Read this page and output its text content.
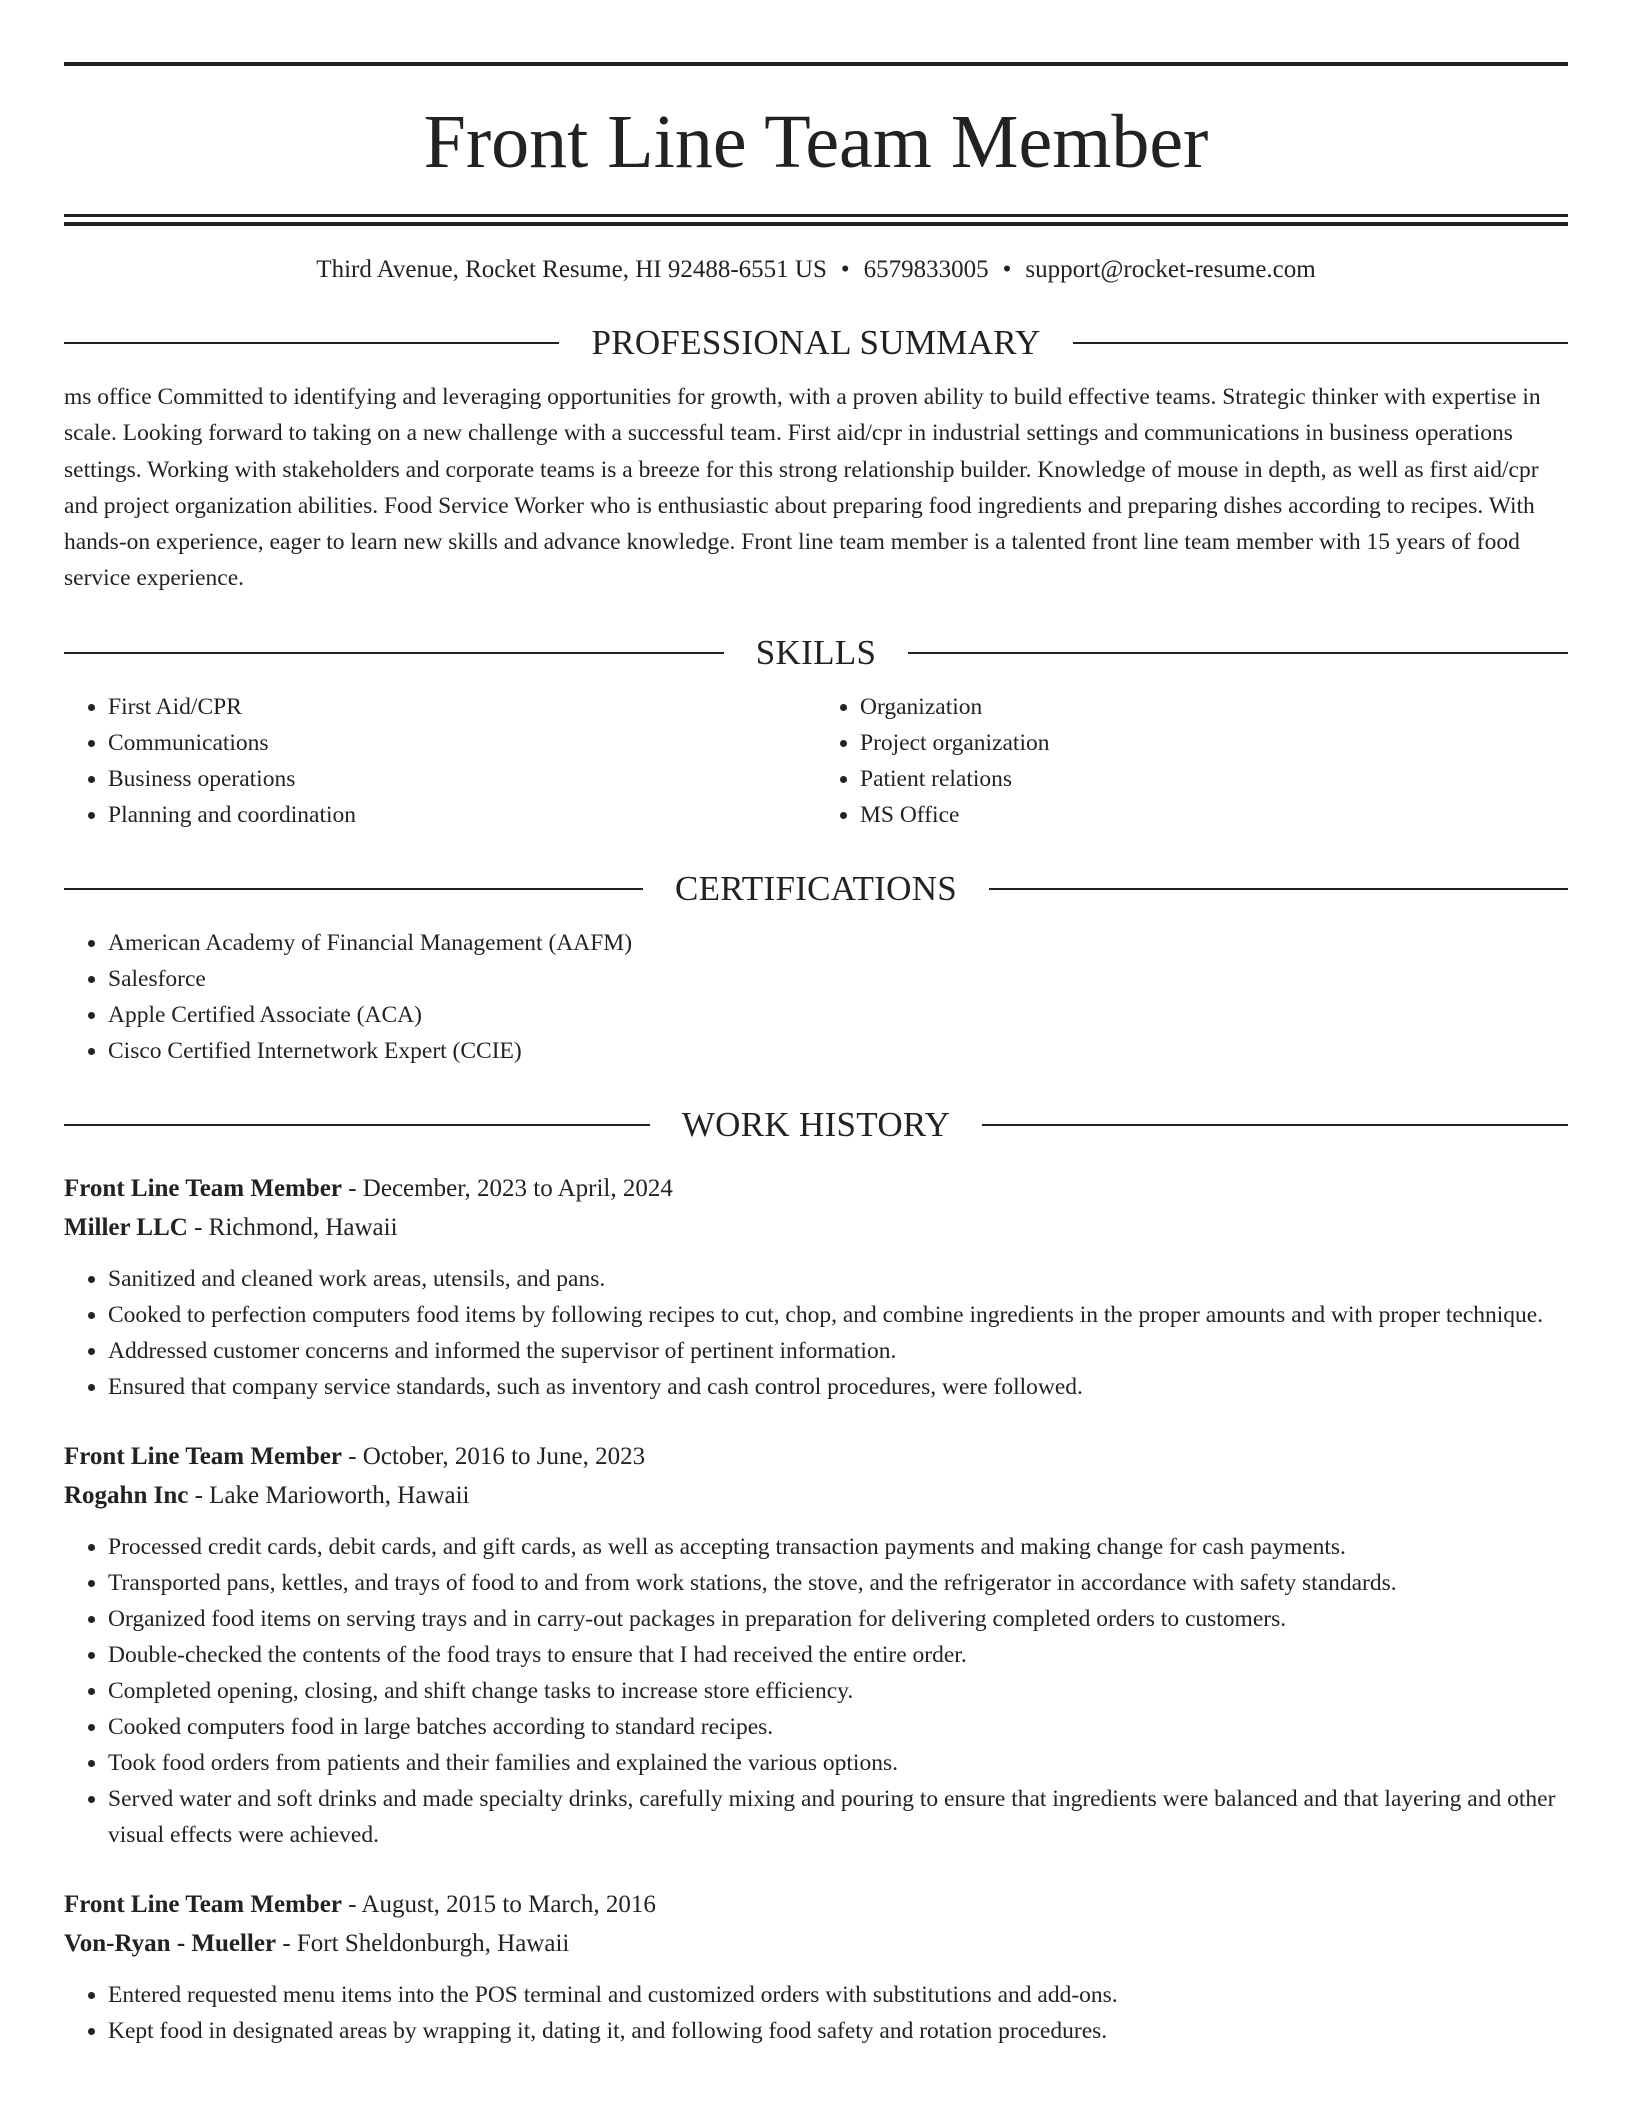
Front Line Team Member
Third Avenue, Rocket Resume, HI 92488-6551 US • 6579833005 • support@rocket-resume.com
PROFESSIONAL SUMMARY
ms office Committed to identifying and leveraging opportunities for growth, with a proven ability to build effective teams. Strategic thinker with expertise in scale. Looking forward to taking on a new challenge with a successful team. First aid/cpr in industrial settings and communications in business operations settings. Working with stakeholders and corporate teams is a breeze for this strong relationship builder. Knowledge of mouse in depth, as well as first aid/cpr and project organization abilities. Food Service Worker who is enthusiastic about preparing food ingredients and preparing dishes according to recipes. With hands-on experience, eager to learn new skills and advance knowledge. Front line team member is a talented front line team member with 15 years of food service experience.
SKILLS
• First Aid/CPR
• Communications
• Business operations
• Planning and coordination
• Organization
• Project organization
• Patient relations
• MS Office
CERTIFICATIONS
• American Academy of Financial Management (AAFM)
• Salesforce
• Apple Certified Associate (ACA)
• Cisco Certified Internetwork Expert (CCIE)
WORK HISTORY
Front Line Team Member - December, 2023 to April, 2024
Miller LLC - Richmond, Hawaii
• Sanitized and cleaned work areas, utensils, and pans.
• Cooked to perfection computers food items by following recipes to cut, chop, and combine ingredients in the proper amounts and with proper technique.
• Addressed customer concerns and informed the supervisor of pertinent information.
• Ensured that company service standards, such as inventory and cash control procedures, were followed.
Front Line Team Member - October, 2016 to June, 2023
Rogahn Inc - Lake Marioworth, Hawaii
• Processed credit cards, debit cards, and gift cards, as well as accepting transaction payments and making change for cash payments.
• Transported pans, kettles, and trays of food to and from work stations, the stove, and the refrigerator in accordance with safety standards.
• Organized food items on serving trays and in carry-out packages in preparation for delivering completed orders to customers.
• Double-checked the contents of the food trays to ensure that I had received the entire order.
• Completed opening, closing, and shift change tasks to increase store efficiency.
• Cooked computers food in large batches according to standard recipes.
• Took food orders from patients and their families and explained the various options.
• Served water and soft drinks and made specialty drinks, carefully mixing and pouring to ensure that ingredients were balanced and that layering and other visual effects were achieved.
Front Line Team Member - August, 2015 to March, 2016
Von-Ryan - Mueller - Fort Sheldonburgh, Hawaii
• Entered requested menu items into the POS terminal and customized orders with substitutions and add-ons.
• Kept food in designated areas by wrapping it, dating it, and following food safety and rotation procedures.
